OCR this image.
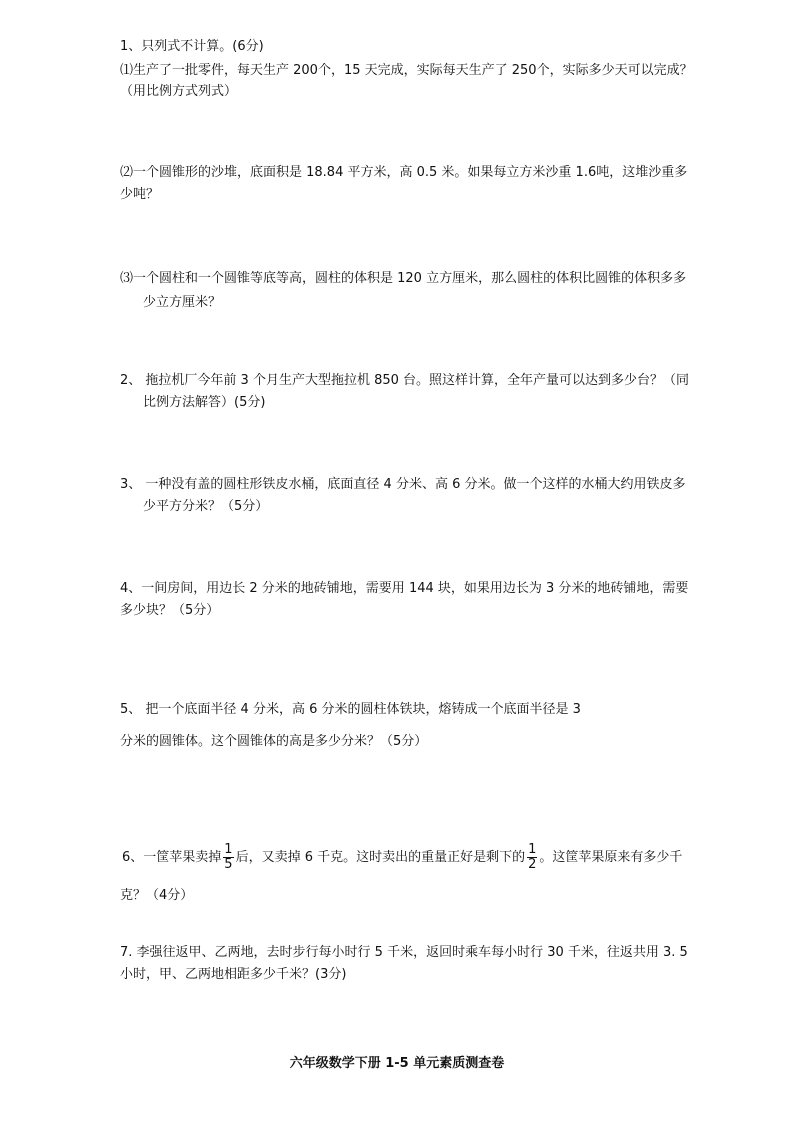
1、只列式不计算。(6分)
⑴生产了一批零件，每天生产 200个，15 天完成，实际每天生产了 250个，实际多少天可以完成？
（用比例方式列式）
⑵一个圆锥形的沙堆，底面积是 18.84 平方米，高 0.5 米。如果每立方米沙重 1.6吨，这堆沙重多
少吨？
⑶一个圆柱和一个圆锥等底等高，圆柱的体积是 120 立方厘米，那么圆柱的体积比圆锥的体积多多
少立方厘米？
2、 拖拉机厂今年前 3 个月生产大型拖拉机 850 台。照这样计算，全年产量可以达到多少台？（同
比例方法解答）(5分)
3、 一种没有盖的圆柱形铁皮水桶，底面直径 4 分米、高 6 分米。做一个这样的水桶大约用铁皮多
少平方分米？（5分）
4、一间房间，用边长 2 分米的地砖铺地，需要用 144 块，如果用边长为 3 分米的地砖铺地，需要
多少块？（5分）
5、 把一个底面半径 4 分米，高 6 分米的圆柱体铁块，熔铸成一个底面半径是 3
分米的圆锥体。这个圆锥体的高是多少分米？（5分）
6、一筐苹果卖掉 $\frac{1}{5}$ 后，又卖掉 6 千克。这时卖出的重量正好是剩下的 $\frac{1}{2}$ 。这筐苹果原来有多少千
克？（4分）
7. 李强往返甲、乙两地，去时步行每小时行 5 千米，返回时乘车每小时行 30 千米，往返共用 3. 5
小时，甲、乙两地相距多少千米？(3分)
六年级数学下册 1-5 单元素质测查卷
